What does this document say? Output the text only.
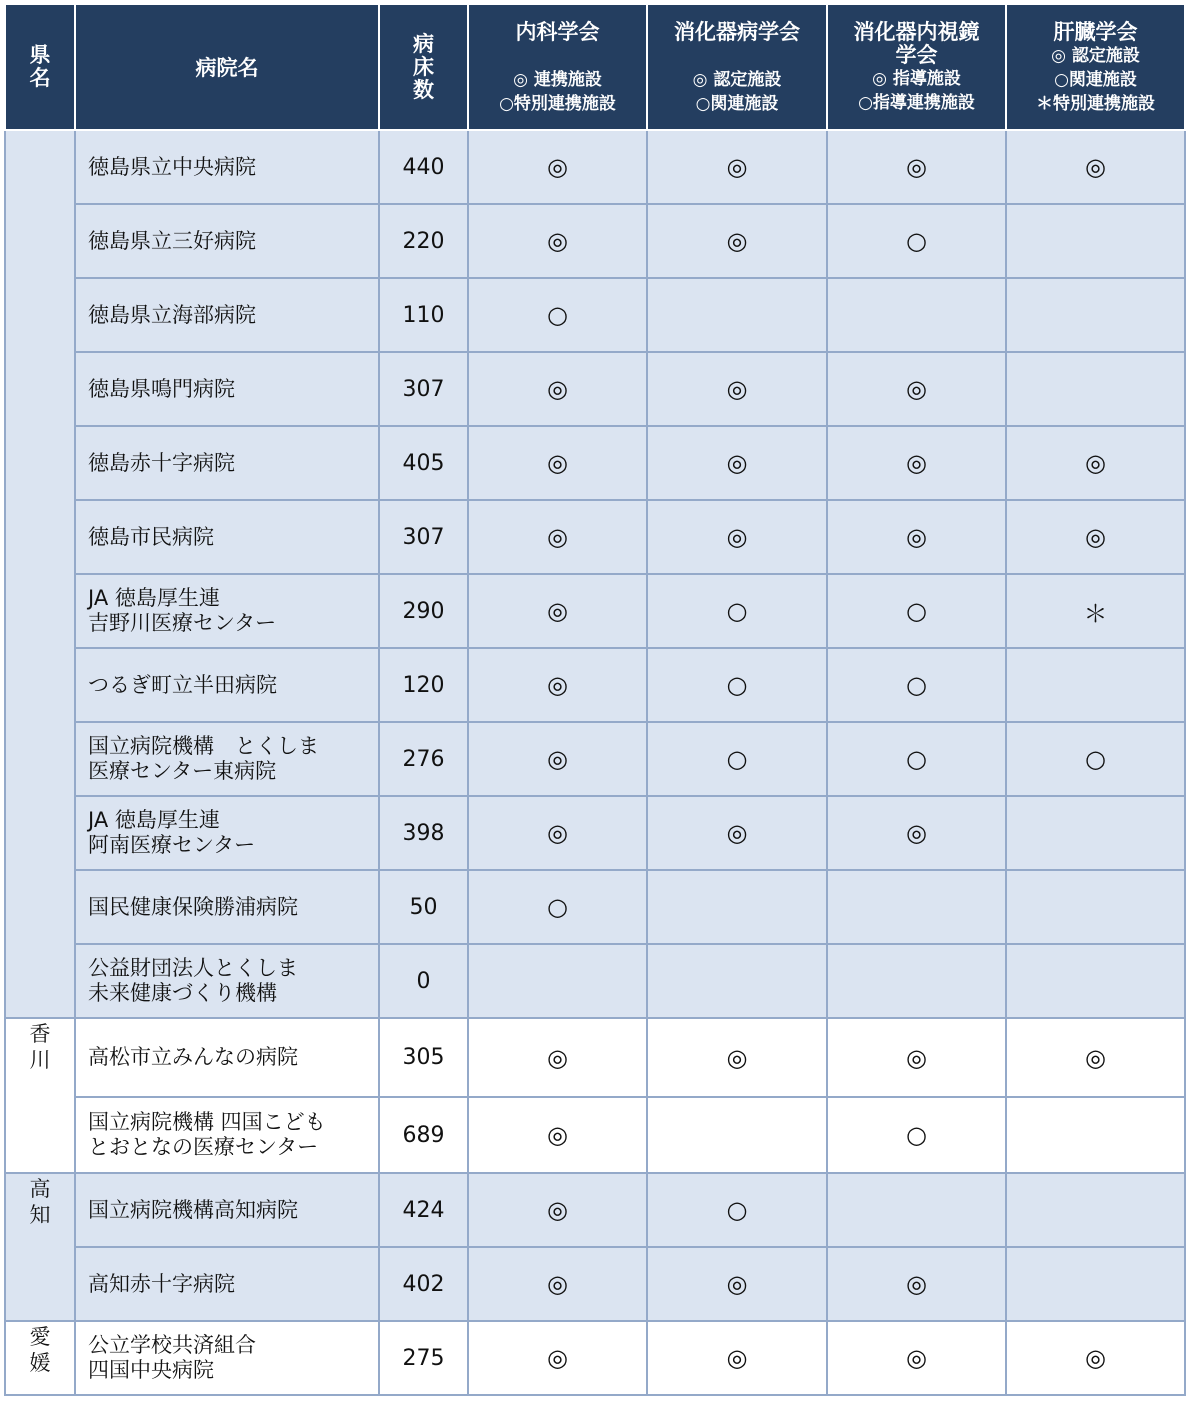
県
名	病院名	病
床
数	内科学会
◎ 連携施設
○特別連携施設	消化器病学会
◎ 認定施設
○関連施設	消化器内視鏡
学会
◎ 指導施設
○指導連携施設	肝臓学会
◎ 認定施設
○関連施設
＊特別連携施設

	徳島県立中央病院	440	◎	◎	◎	◎

	徳島県立三好病院	220	◎	◎	○	

	徳島県立海部病院	110	○			

	徳島県鳴門病院	307	◎	◎	◎	

	徳島赤十字病院	405	◎	◎	◎	◎

	徳島市民病院	307	◎	◎	◎	◎

	JA 徳島厚生連
吉野川医療センター	290	◎	○	○	＊

	つるぎ町立半田病院	120	◎	○	○	

	国立病院機構　とくしま
医療センター東病院	276	◎	○	○	○

	JA 徳島厚生連
阿南医療センター	398	◎	◎	◎	

	国民健康保険勝浦病院	50	○			

	公益財団法人とくしま
未来健康づくり機構	0				

香
川	高松市立みんなの病院	305	◎	◎	◎	◎

	国立病院機構 四国こども
とおとなの医療センター	689	◎		○	

高
知	国立病院機構高知病院	424	◎	○		

	高知赤十字病院	402	◎	◎	◎	

愛
媛	公立学校共済組合
四国中央病院	275	◎	◎	◎	◎
